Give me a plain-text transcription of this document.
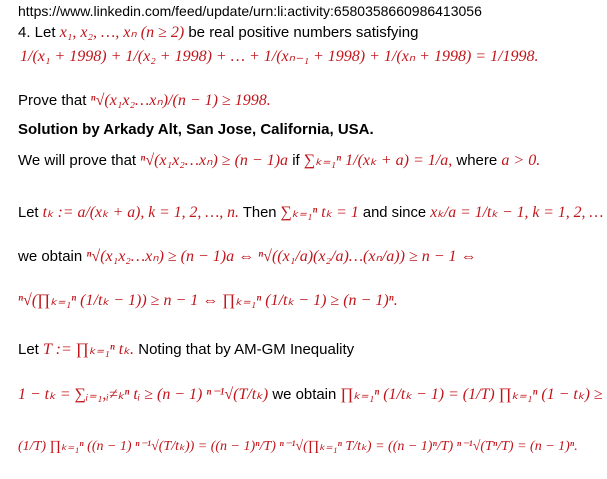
https://www.linkedin.com/feed/update/urn:li:activity:6580358660986413056
4. Let x₁, x₂, …, xₙ (n ≥ 2) be real positive numbers satisfying
1/(x₁ + 1998) + 1/(x₂ + 1998) + … + 1/(xₙ₋₁ + 1998) + 1/(xₙ + 1998) = 1/1998.
Prove that ⁿ√(x₁x₂…xₙ)/(n − 1) ≥ 1998.
Solution by Arkady Alt, San Jose, California, USA.
We will prove that ⁿ√(x₁x₂…xₙ) ≥ (n − 1)a if ∑ₖ₌₁ⁿ 1/(xₖ + a) = 1/a, where a > 0.
Let tₖ := a/(xₖ + a), k = 1, 2, …, n. Then ∑ₖ₌₁ⁿ tₖ = 1 and since xₖ/a = 1/tₖ − 1, k = 1, 2, …
we obtain ⁿ√(x₁x₂…xₙ) ≥ (n − 1)a ⇔ ⁿ√((x₁/a)(x₂/a)…(xₙ/a)) ≥ n − 1 ⇔
ⁿ√(∏ₖ₌₁ⁿ (1/tₖ − 1)) ≥ n − 1 ⇔ ∏ₖ₌₁ⁿ (1/tₖ − 1) ≥ (n − 1)ⁿ.
Let T := ∏ₖ₌₁ⁿ tₖ. Noting that by AM-GM Inequality
1 − tₖ = ∑ᵢ₌₁,ᵢ≠ₖⁿ tᵢ ≥ (n − 1) ⁿ⁻¹√(T/tₖ) we obtain ∏ₖ₌₁ⁿ (1/tₖ − 1) = (1/T) ∏ₖ₌₁ⁿ (1 − tₖ) ≥
(1/T) ∏ₖ₌₁ⁿ ((n − 1) ⁿ⁻¹√(T/tₖ)) = ((n − 1)ⁿ/T) ⁿ⁻¹√(∏ₖ₌₁ⁿ T/tₖ) = ((n − 1)ⁿ/T) ⁿ⁻¹√(Tⁿ/T) = (n − 1)ⁿ.
